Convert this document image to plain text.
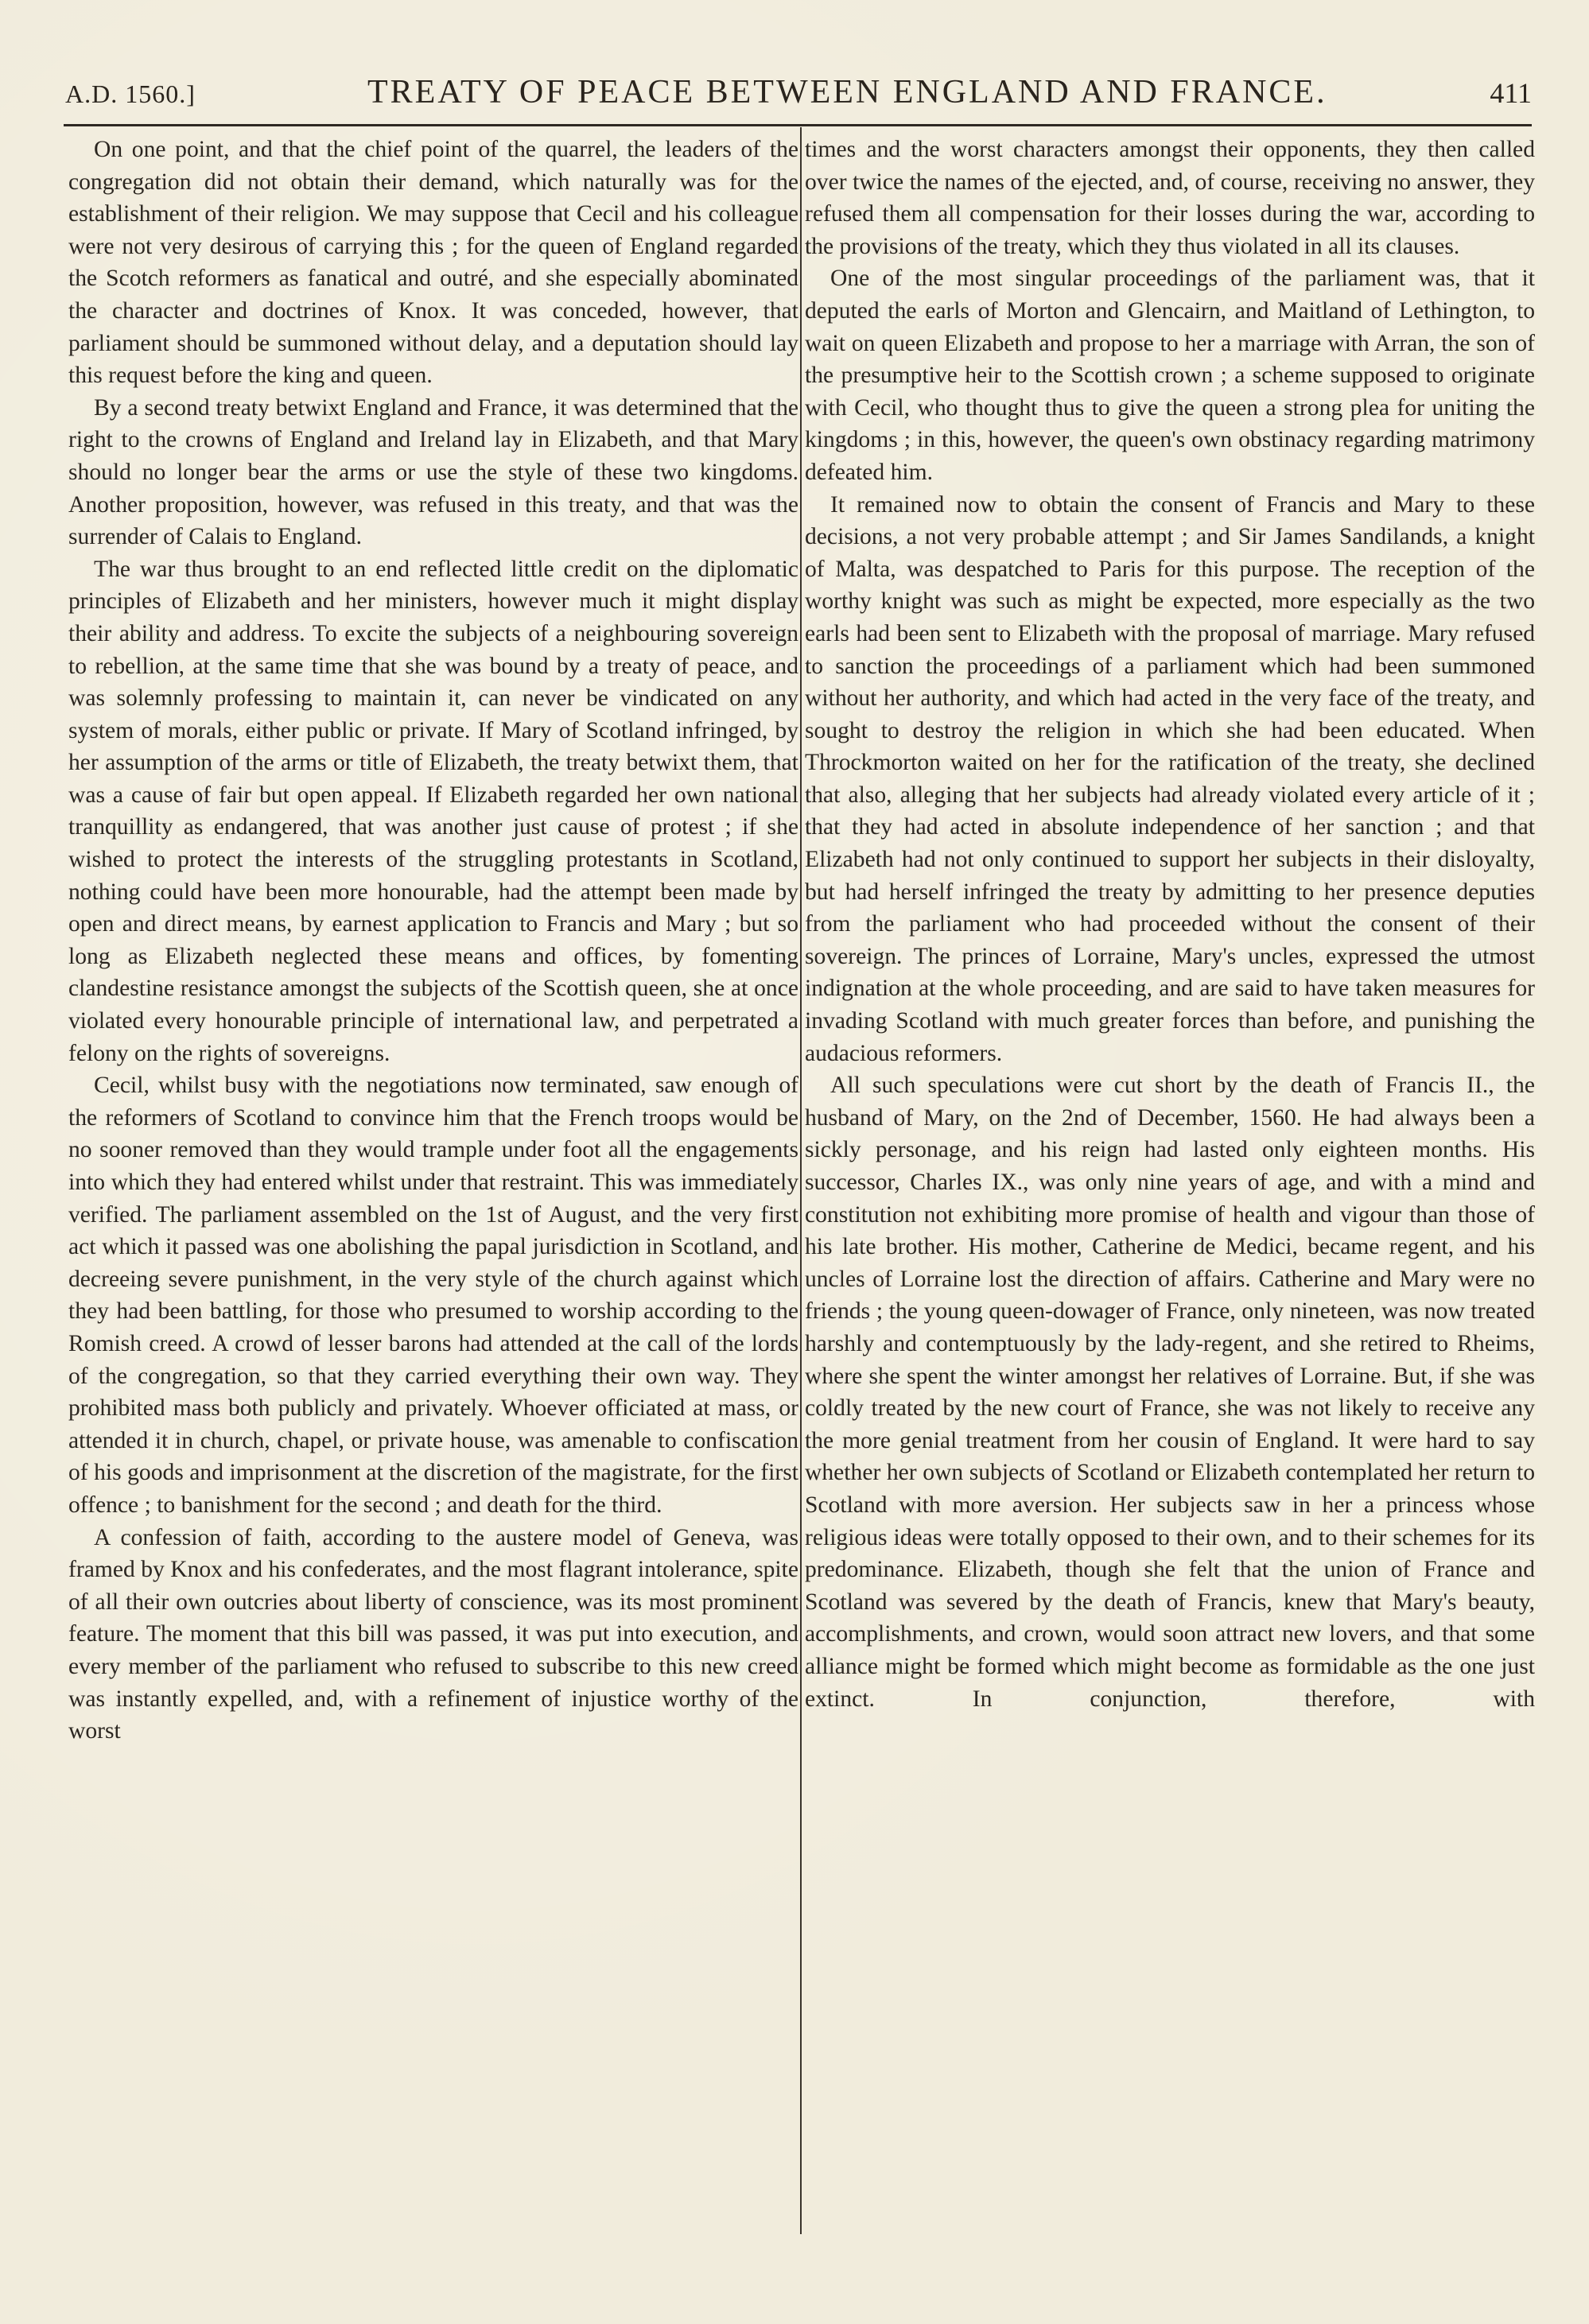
A.D. 1560.]	TREATY OF PEACE BETWEEN ENGLAND AND FRANCE.	411

On one point, and that the chief point of the quarrel, the leaders of the congregation did not obtain their demand, which naturally was for the establishment of their religion. We may suppose that Cecil and his colleague were not very desirous of carrying this ; for the queen of England regarded the Scotch reformers as fanatical and outré, and she especially abominated the character and doctrines of Knox. It was conceded, however, that parliament should be summoned without delay, and a deputation should lay this request before the king and queen.

By a second treaty betwixt England and France, it was determined that the right to the crowns of England and Ireland lay in Elizabeth, and that Mary should no longer bear the arms or use the style of these two kingdoms. Another proposition, however, was refused in this treaty, and that was the surrender of Calais to England.

The war thus brought to an end reflected little credit on the diplomatic principles of Elizabeth and her ministers, however much it might display their ability and address. To excite the subjects of a neighbouring sovereign to rebellion, at the same time that she was bound by a treaty of peace, and was solemnly professing to maintain it, can never be vindicated on any system of morals, either public or private. If Mary of Scotland infringed, by her assumption of the arms or title of Elizabeth, the treaty betwixt them, that was a cause of fair but open appeal. If Elizabeth regarded her own national tranquillity as endangered, that was another just cause of protest ; if she wished to protect the interests of the struggling protestants in Scotland, nothing could have been more honourable, had the attempt been made by open and direct means, by earnest application to Francis and Mary ; but so long as Elizabeth neglected these means and offices, by fomenting clandestine resistance amongst the subjects of the Scottish queen, she at once violated every honourable principle of international law, and perpetrated a felony on the rights of sovereigns.

Cecil, whilst busy with the negotiations now terminated, saw enough of the reformers of Scotland to convince him that the French troops would be no sooner removed than they would trample under foot all the engagements into which they had entered whilst under that restraint. This was immediately verified. The parliament assembled on the 1st of August, and the very first act which it passed was one abolishing the papal jurisdiction in Scotland, and decreeing severe punishment, in the very style of the church against which they had been battling, for those who presumed to worship according to the Romish creed. A crowd of lesser barons had attended at the call of the lords of the congregation, so that they carried everything their own way. They prohibited mass both publicly and privately. Whoever officiated at mass, or attended it in church, chapel, or private house, was amenable to confiscation of his goods and imprisonment at the discretion of the magistrate, for the first offence ; to banishment for the second ; and death for the third.

A confession of faith, according to the austere model of Geneva, was framed by Knox and his confederates, and the most flagrant intolerance, spite of all their own outcries about liberty of conscience, was its most prominent feature. The moment that this bill was passed, it was put into execution, and every member of the parliament who refused to subscribe to this new creed was instantly expelled, and, with a refinement of injustice worthy of the worst

times and the worst characters amongst their opponents, they then called over twice the names of the ejected, and, of course, receiving no answer, they refused them all compensation for their losses during the war, according to the provisions of the treaty, which they thus violated in all its clauses.

One of the most singular proceedings of the parliament was, that it deputed the earls of Morton and Glencairn, and Maitland of Lethington, to wait on queen Elizabeth and propose to her a marriage with Arran, the son of the presumptive heir to the Scottish crown ; a scheme supposed to originate with Cecil, who thought thus to give the queen a strong plea for uniting the kingdoms ; in this, however, the queen's own obstinacy regarding matrimony defeated him.

It remained now to obtain the consent of Francis and Mary to these decisions, a not very probable attempt ; and Sir James Sandilands, a knight of Malta, was despatched to Paris for this purpose. The reception of the worthy knight was such as might be expected, more especially as the two earls had been sent to Elizabeth with the proposal of marriage. Mary refused to sanction the proceedings of a parliament which had been summoned without her authority, and which had acted in the very face of the treaty, and sought to destroy the religion in which she had been educated. When Throckmorton waited on her for the ratification of the treaty, she declined that also, alleging that her subjects had already violated every article of it ; that they had acted in absolute independence of her sanction ; and that Elizabeth had not only continued to support her subjects in their disloyalty, but had herself infringed the treaty by admitting to her presence deputies from the parliament who had proceeded without the consent of their sovereign. The princes of Lorraine, Mary's uncles, expressed the utmost indignation at the whole proceeding, and are said to have taken measures for invading Scotland with much greater forces than before, and punishing the audacious reformers.

All such speculations were cut short by the death of Francis II., the husband of Mary, on the 2nd of December, 1560. He had always been a sickly personage, and his reign had lasted only eighteen months. His successor, Charles IX., was only nine years of age, and with a mind and constitution not exhibiting more promise of health and vigour than those of his late brother. His mother, Catherine de Medici, became regent, and his uncles of Lorraine lost the direction of affairs. Catherine and Mary were no friends ; the young queen-dowager of France, only nineteen, was now treated harshly and contemptuously by the lady-regent, and she retired to Rheims, where she spent the winter amongst her relatives of Lorraine. But, if she was coldly treated by the new court of France, she was not likely to receive any the more genial treatment from her cousin of England. It were hard to say whether her own subjects of Scotland or Elizabeth contemplated her return to Scotland with more aversion. Her subjects saw in her a princess whose religious ideas were totally opposed to their own, and to their schemes for its predominance. Elizabeth, though she felt that the union of France and Scotland was severed by the death of Francis, knew that Mary's beauty, accomplishments, and crown, would soon attract new lovers, and that some alliance might be formed which might become as formidable as the one just extinct. In conjunction, therefore, with
